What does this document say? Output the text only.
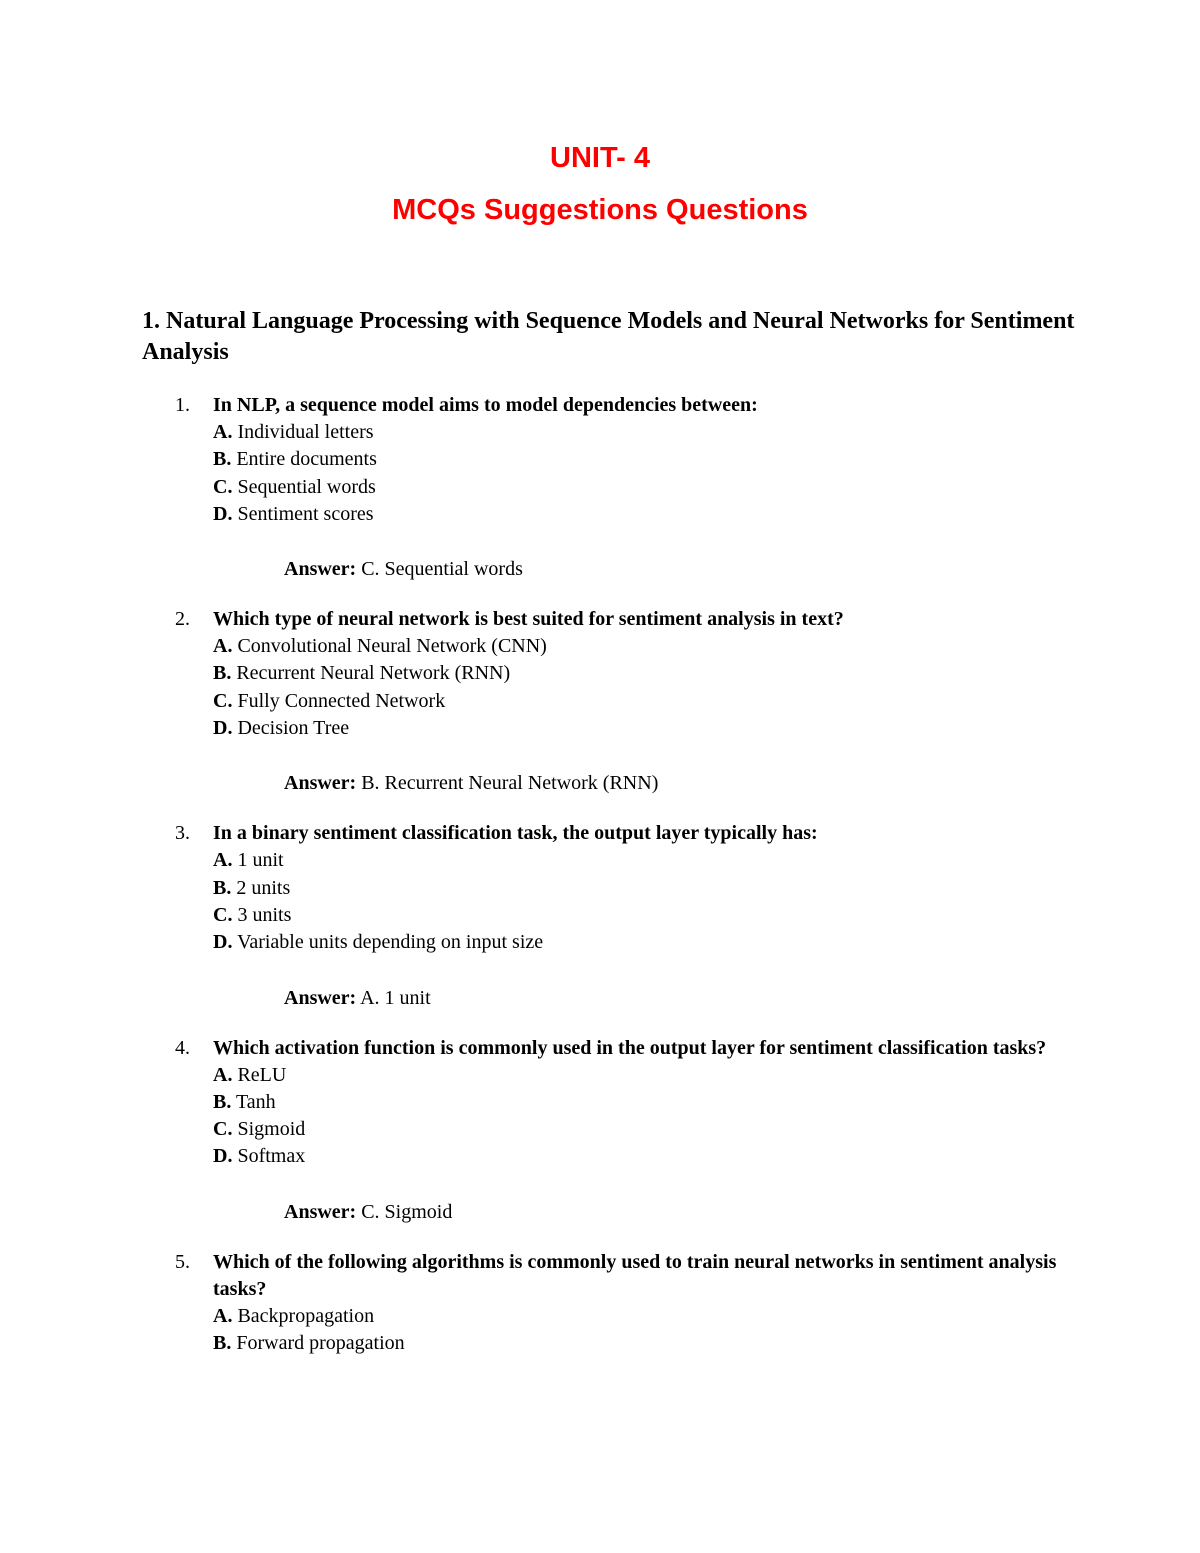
UNIT- 4
MCQs Suggestions Questions
1. Natural Language Processing with Sequence Models and Neural Networks for Sentiment Analysis
1. In NLP, a sequence model aims to model dependencies between:
A. Individual letters
B. Entire documents
C. Sequential words
D. Sentiment scores
Answer: C. Sequential words
2. Which type of neural network is best suited for sentiment analysis in text?
A. Convolutional Neural Network (CNN)
B. Recurrent Neural Network (RNN)
C. Fully Connected Network
D. Decision Tree
Answer: B. Recurrent Neural Network (RNN)
3. In a binary sentiment classification task, the output layer typically has:
A. 1 unit
B. 2 units
C. 3 units
D. Variable units depending on input size
Answer: A. 1 unit
4. Which activation function is commonly used in the output layer for sentiment classification tasks?
A. ReLU
B. Tanh
C. Sigmoid
D. Softmax
Answer: C. Sigmoid
5. Which of the following algorithms is commonly used to train neural networks in sentiment analysis tasks?
A. Backpropagation
B. Forward propagation
